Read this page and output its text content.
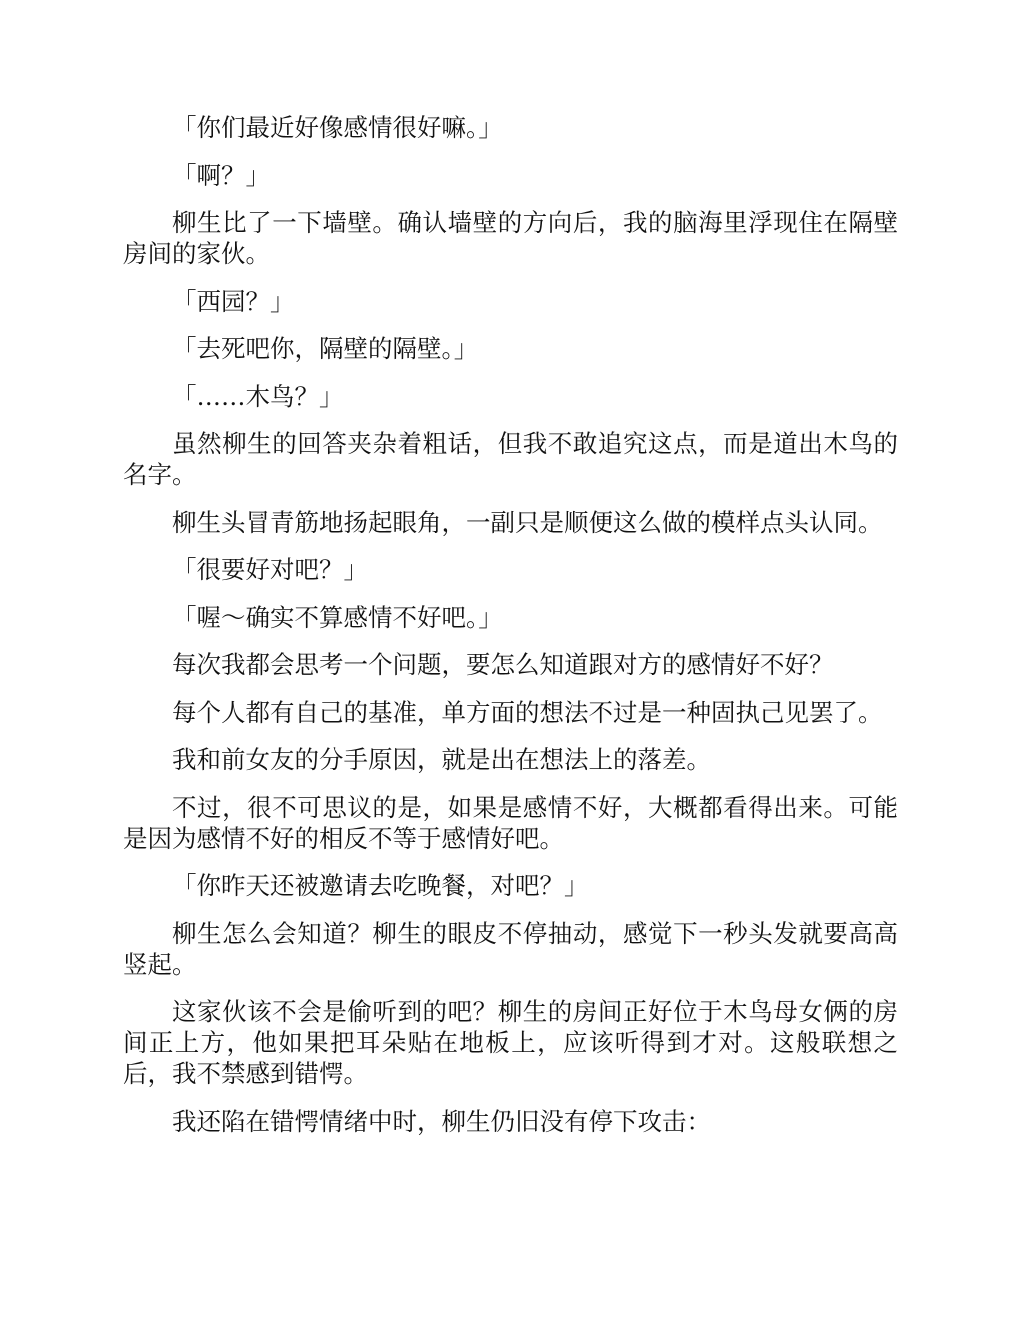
「你们最近好像感情很好嘛。」

「啊？」

柳生比了一下墙壁。确认墙壁的方向后，我的脑海里浮现住在隔壁房间的家伙。

「西园？」

「去死吧你，隔壁的隔壁。」

「……木鸟？」

虽然柳生的回答夹杂着粗话，但我不敢追究这点，而是道出木鸟的名字。

柳生头冒青筋地扬起眼角，一副只是顺便这么做的模样点头认同。

「很要好对吧？」

「喔～确实不算感情不好吧。」

每次我都会思考一个问题，要怎么知道跟对方的感情好不好？

每个人都有自己的基准，单方面的想法不过是一种固执己见罢了。

我和前女友的分手原因，就是出在想法上的落差。

不过，很不可思议的是，如果是感情不好，大概都看得出来。可能是因为感情不好的相反不等于感情好吧。

「你昨天还被邀请去吃晚餐，对吧？」

柳生怎么会知道？柳生的眼皮不停抽动，感觉下一秒头发就要高高竖起。

这家伙该不会是偷听到的吧？柳生的房间正好位于木鸟母女俩的房间正上方，他如果把耳朵贴在地板上，应该听得到才对。这般联想之后，我不禁感到错愕。

我还陷在错愕情绪中时，柳生仍旧没有停下攻击：
